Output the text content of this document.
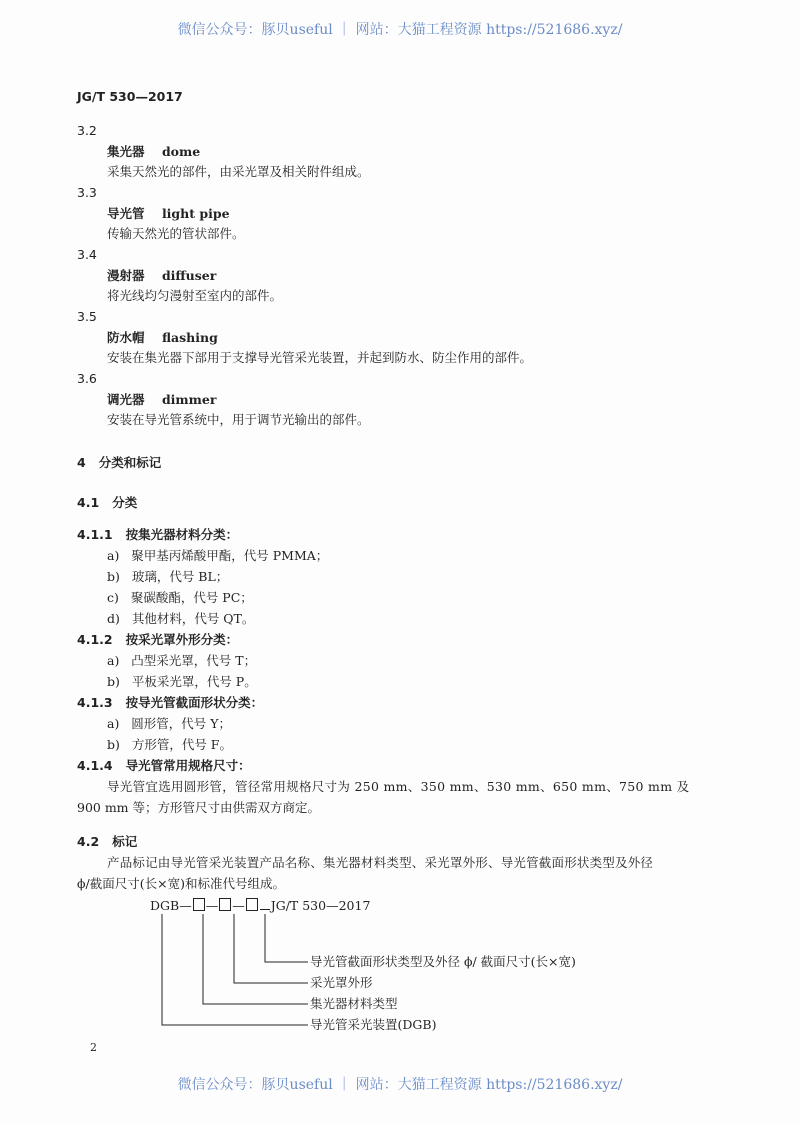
微信公众号：豚贝useful ｜ 网站：大猫工程资源 https://521686.xyz/
JG/T 530—2017
3.2
集光器 dome
采集天然光的部件，由采光罩及相关附件组成。
3.3
导光管 light pipe
传输天然光的管状部件。
3.4
漫射器 diffuser
将光线均匀漫射至室内的部件。
3.5
防水帽 flashing
安装在集光器下部用于支撑导光管采光装置，并起到防水、防尘作用的部件。
3.6
调光器 dimmer
安装在导光管系统中，用于调节光输出的部件。
4 分类和标记
4.1 分类
4.1.1 按集光器材料分类：
a) 聚甲基丙烯酸甲酯，代号 PMMA；
b) 玻璃，代号 BL；
c) 聚碳酸酯，代号 PC；
d) 其他材料，代号 QT。
4.1.2 按采光罩外形分类：
a) 凸型采光罩，代号 T；
b) 平板采光罩，代号 P。
4.1.3 按导光管截面形状分类：
a) 圆形管，代号 Y；
b) 方形管，代号 F。
4.1.4 导光管常用规格尺寸：
导光管宜选用圆形管，管径常用规格尺寸为 250 mm、350 mm、530 mm、650 mm、750 mm 及
900 mm 等；方形管尺寸由供需双方商定。
4.2 标记
产品标记由导光管采光装置产品名称、集光器材料类型、采光罩外形、导光管截面形状类型及外径
ϕ/截面尺寸(长×宽)和标准代号组成。
DGB— — — JG/T 530—2017
导光管截面形状类型及外径 ϕ/ 截面尺寸(长×宽)
采光罩外形
集光器材料类型
导光管采光装置(DGB)
2
微信公众号：豚贝useful ｜ 网站：大猫工程资源 https://521686.xyz/
